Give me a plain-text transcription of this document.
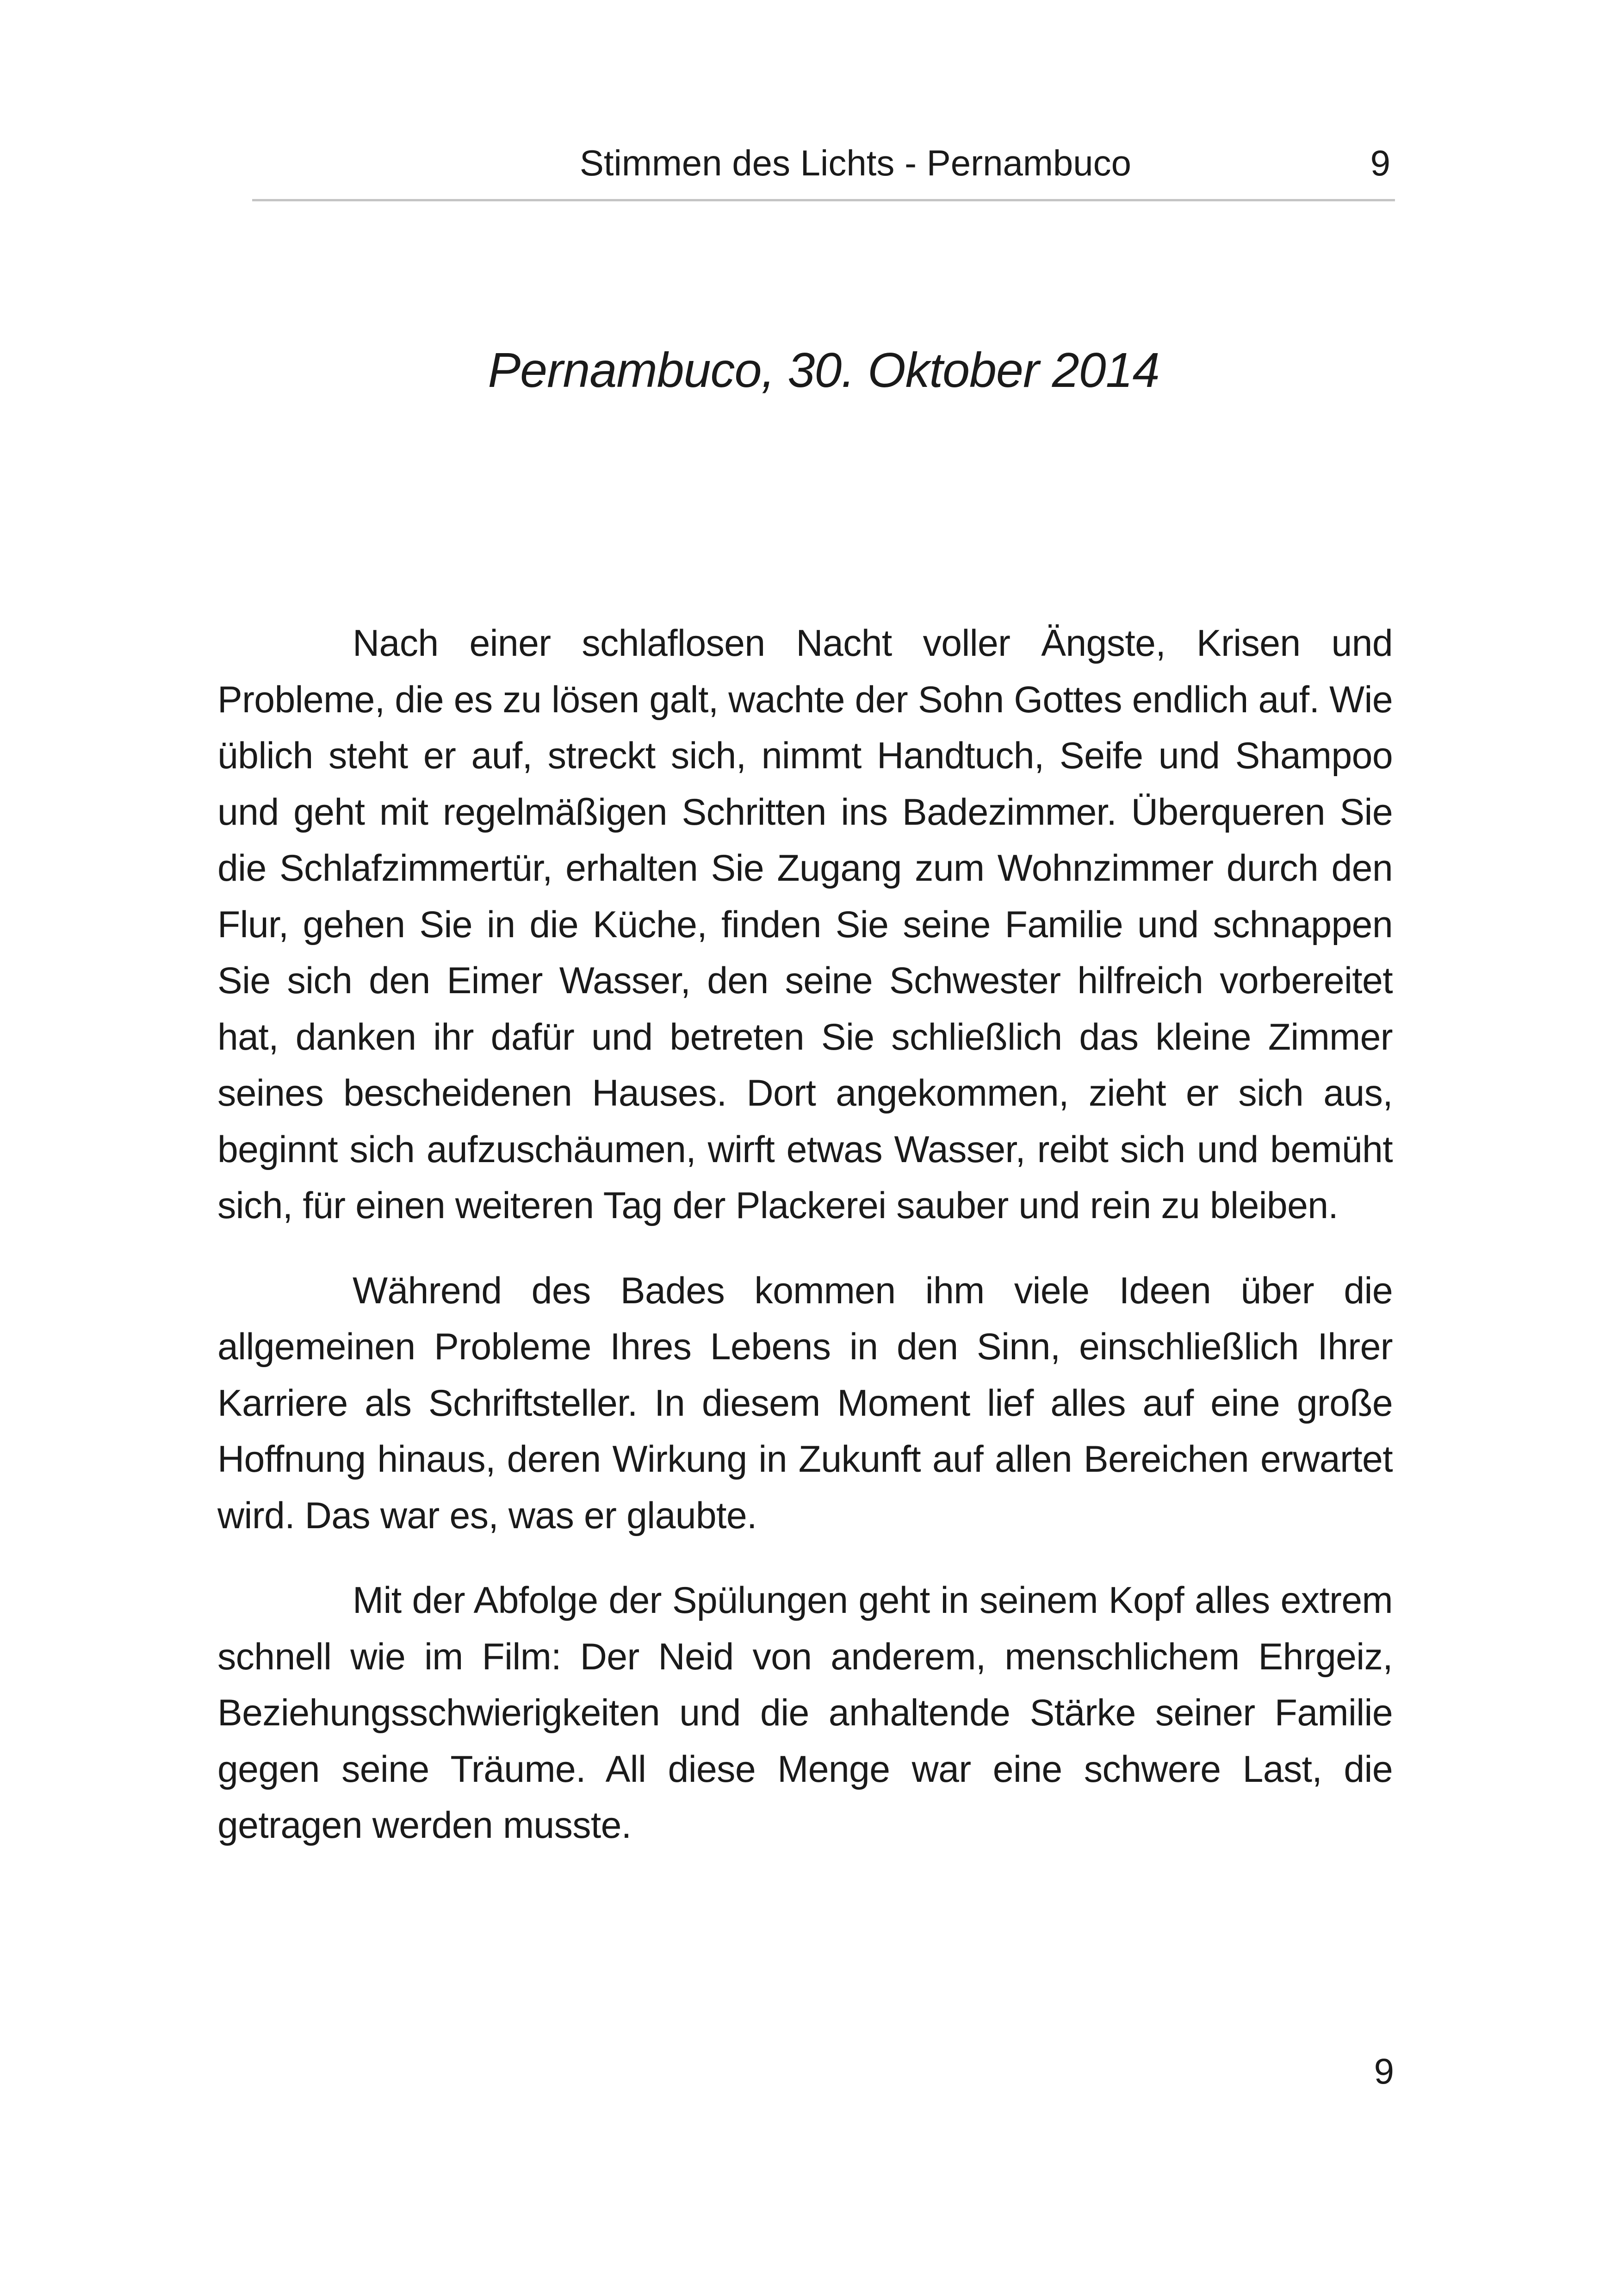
Stimmen des Lichts - Pernambuco	9
Pernambuco, 30. Oktober 2014

Nach einer schlaflosen Nacht voller Ängste, Krisen und Probleme, die es zu lösen galt, wachte der Sohn Gottes endlich auf. Wie üblich steht er auf, streckt sich, nimmt Handtuch, Seife und Shampoo und geht mit regelmäßigen Schritten ins Badezimmer. Überqueren Sie die Schlafzimmertür, erhalten Sie Zugang zum Wohnzimmer durch den Flur, gehen Sie in die Küche, finden Sie seine Familie und schnappen Sie sich den Eimer Wasser, den seine Schwester hilfreich vorbereitet hat, danken ihr dafür und betreten Sie schließlich das kleine Zimmer seines bescheidenen Hauses. Dort angekommen, zieht er sich aus, beginnt sich aufzuschäumen, wirft etwas Wasser, reibt sich und bemüht sich, für einen weiteren Tag der Plackerei sauber und rein zu bleiben.

Während des Bades kommen ihm viele Ideen über die allgemeinen Probleme Ihres Lebens in den Sinn, einschließlich Ihrer Karriere als Schriftsteller. In diesem Moment lief alles auf eine große Hoffnung hinaus, deren Wirkung in Zukunft auf allen Bereichen erwartet wird. Das war es, was er glaubte.

Mit der Abfolge der Spülungen geht in seinem Kopf alles extrem schnell wie im Film: Der Neid von anderem, menschlichem Ehrgeiz, Beziehungsschwierigkeiten und die anhaltende Stärke seiner Familie gegen seine Träume. All diese Menge war eine schwere Last, die getragen werden musste.

9
